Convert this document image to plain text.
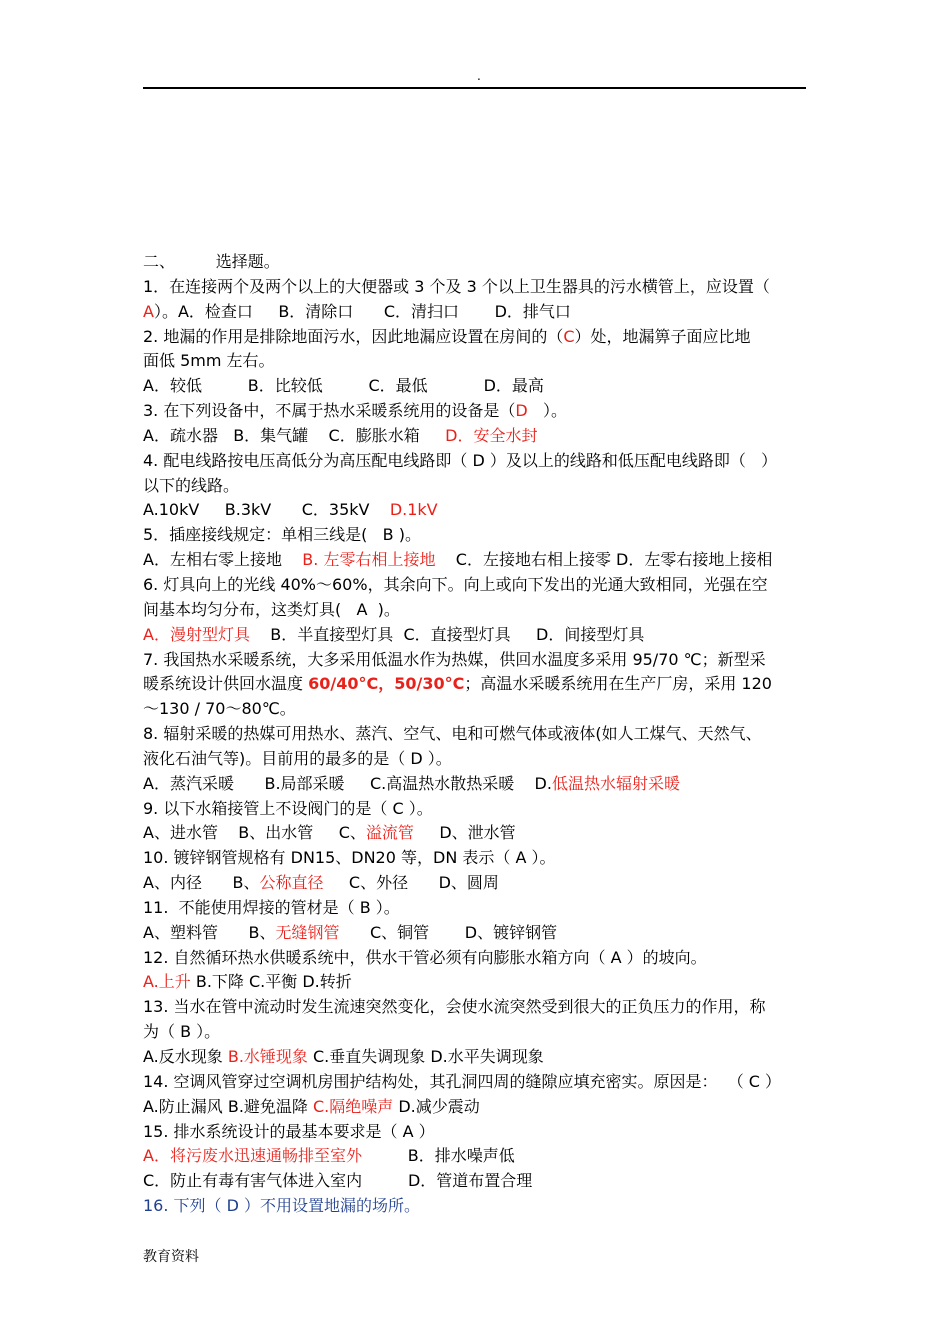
.
二、        选择题。
1．在连接两个及两个以上的大便器或 3 个及 3 个以上卫生器具的污水横管上，应设置（
A）。A．检查口     B．清除口      C．清扫口       D．排气口
2. 地漏的作用是排除地面污水，因此地漏应设置在房间的（C）处，地漏箅子面应比地
面低 5mm 左右。
A．较低         B．比较低         C．最低           D．最高
3. 在下列设备中，不属于热水采暖系统用的设备是（D   ）。
A．疏水器   B．集气罐    C．膨胀水箱     D．安全水封
4. 配电线路按电压高低分为高压配电线路即（ D ）及以上的线路和低压配电线路即（   ）
以下的线路。
A.10kV     B.3kV      C．35kV    D.1kV
5．插座接线规定：单相三线是(   B )。
A．左相右零上接地    B. 左零右相上接地    C．左接地右相上接零 D．左零右接地上接相
6. 灯具向上的光线 40%～60%，其余向下。向上或向下发出的光通大致相同，光强在空
间基本均匀分布，这类灯具(   A  )。
A．漫射型灯具    B．半直接型灯具  C．直接型灯具     D．间接型灯具
7. 我国热水采暖系统，大多采用低温水作为热媒，供回水温度多采用 95/70 ℃；新型采
暖系统设计供回水温度 60/40°C，50/30°C；高温水采暖系统用在生产厂房，采用 120
～130 / 70～80℃。
8. 辐射采暖的热媒可用热水、蒸汽、空气、电和可燃气体或液体(如人工煤气、天然气、
液化石油气等)。目前用的最多的是（ D ）。
A．蒸汽采暖      B.局部采暖     C.高温热水散热采暖    D.低温热水辐射采暖
9. 以下水箱接管上不设阀门的是（ C ）。
A、进水管    B、出水管     C、溢流管     D、泄水管
10. 镀锌钢管规格有 DN15、DN20 等，DN 表示（ A ）。
A、内径      B、公称直径     C、外径      D、圆周
11.  不能使用焊接的管材是（ B ）。
A、塑料管      B、无缝钢管      C、铜管       D、镀锌钢管
12. 自然循环热水供暖系统中，供水干管必须有向膨胀水箱方向（ A ）的坡向。
A.上升 B.下降 C.平衡 D.转折
13. 当水在管中流动时发生流速突然变化，会使水流突然受到很大的正负压力的作用，称
为（ B ）。
A.反水现象 B.水锤现象 C.垂直失调现象 D.水平失调现象
14. 空调风管穿过空调机房围护结构处，其孔洞四周的缝隙应填充密实。原因是：  （ C ）
A.防止漏风 B.避免温降 C.隔绝噪声 D.减少震动
15. 排水系统设计的最基本要求是（ A ）
A．将污废水迅速通畅排至室外         B．排水噪声低
C．防止有毒有害气体进入室内         D．管道布置合理
16. 下列（ D ）不用设置地漏的场所。
教育资料
